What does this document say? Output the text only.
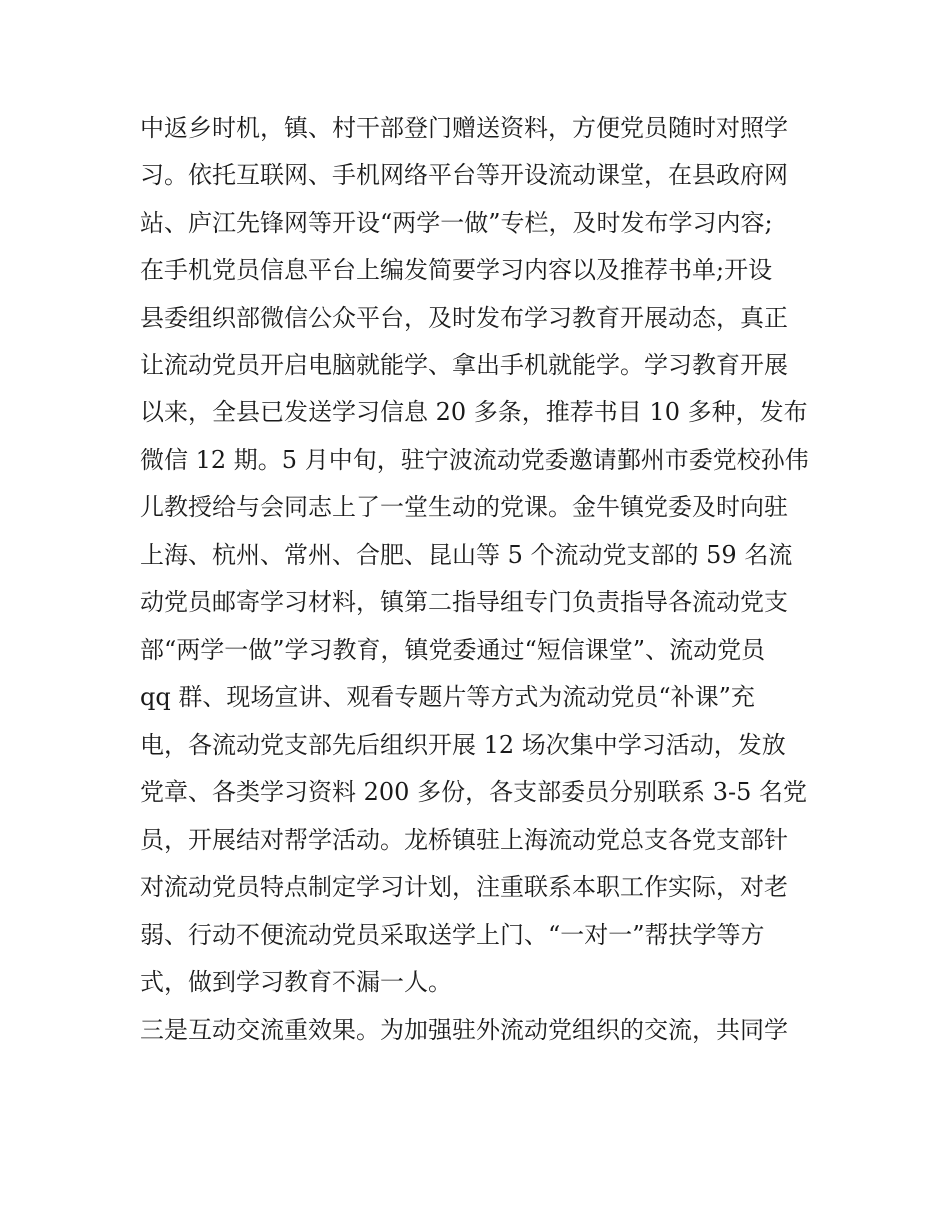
中返乡时机，镇、村干部登门赠送资料，方便党员随时对照学
习。依托互联网、手机网络平台等开设流动课堂，在县政府网
站、庐江先锋网等开设“两学一做”专栏，及时发布学习内容;
在手机党员信息平台上编发简要学习内容以及推荐书单;开设
县委组织部微信公众平台，及时发布学习教育开展动态，真正
让流动党员开启电脑就能学、拿出手机就能学。学习教育开展
以来，全县已发送学习信息 20 多条，推荐书目 10 多种，发布
微信 12 期。5 月中旬，驻宁波流动党委邀请鄞州市委党校孙伟
儿教授给与会同志上了一堂生动的党课。金牛镇党委及时向驻
上海、杭州、常州、合肥、昆山等 5 个流动党支部的 59 名流
动党员邮寄学习材料，镇第二指导组专门负责指导各流动党支
部“两学一做”学习教育，镇党委通过“短信课堂”、流动党员
qq 群、现场宣讲、观看专题片等方式为流动党员“补课”充
电，各流动党支部先后组织开展 12 场次集中学习活动，发放
党章、各类学习资料 200 多份，各支部委员分别联系 3-5 名党
员，开展结对帮学活动。龙桥镇驻上海流动党总支各党支部针
对流动党员特点制定学习计划，注重联系本职工作实际，对老
弱、行动不便流动党员采取送学上门、“一对一”帮扶学等方
式，做到学习教育不漏一人。
三是互动交流重效果。为加强驻外流动党组织的交流，共同学
